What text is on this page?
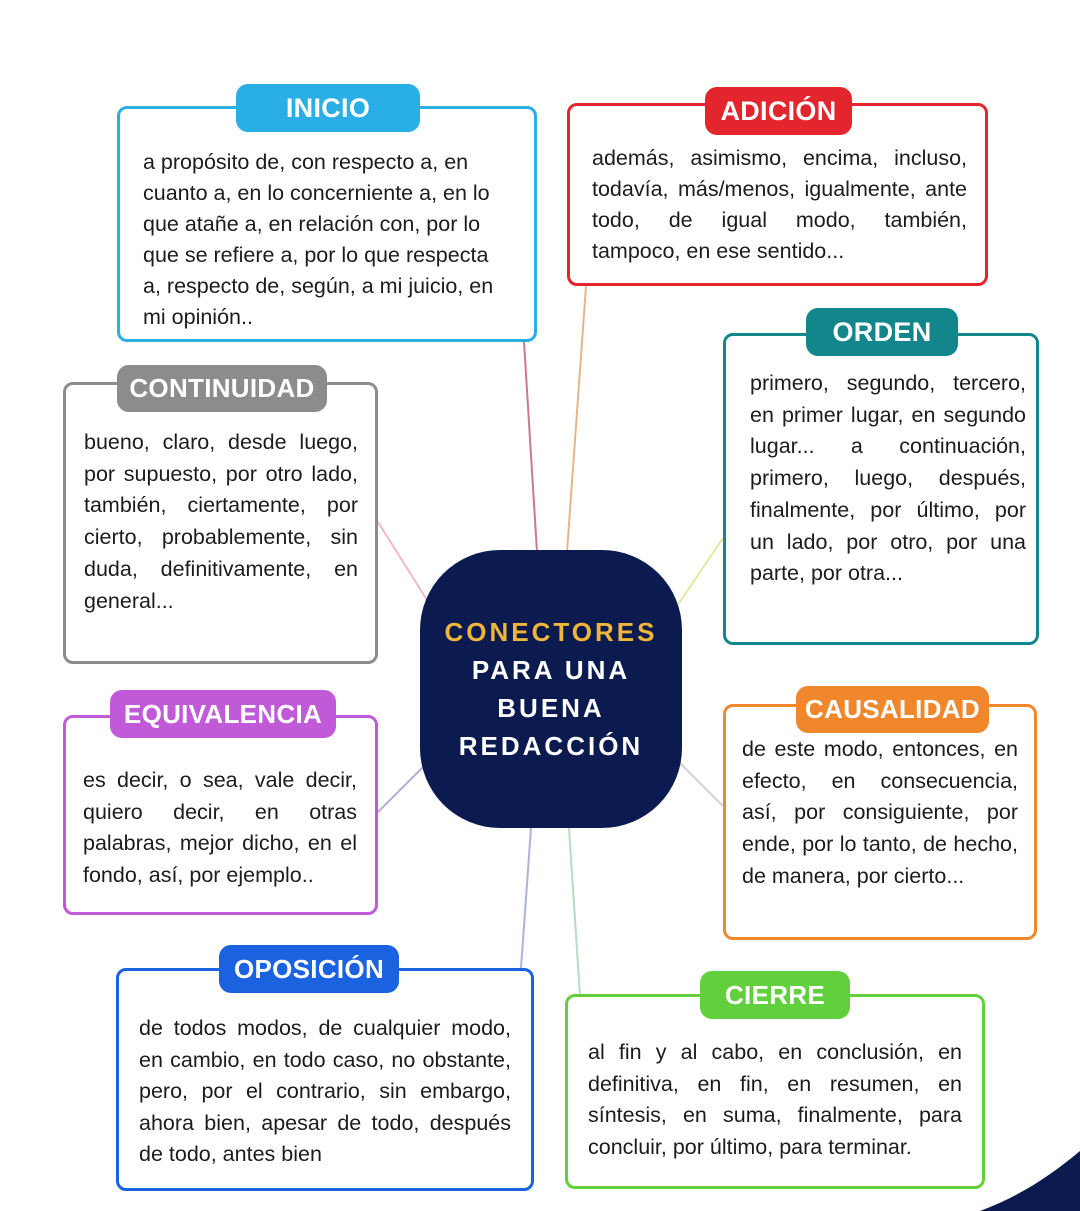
a propósito de, con respecto a, en cuanto a, en lo concerniente a, en lo que atañe a, en relación con, por lo que se refiere a, por lo que respecta a, respecto de, según, a mi juicio, en mi opinión..

INICIO

además, asimismo, encima, incluso, todavía, más/menos, igualmente, ante todo, de igual modo, también, tampoco, en ese sentido...

ADICIÓN

primero, segundo, tercero, en primer lugar, en segundo lugar... a continuación, primero, luego, después, finalmente, por último, por un lado, por otro, por una parte, por otra...

ORDEN

bueno, claro, desde luego, por supuesto, por otro lado, también, ciertamente, por cierto, probablemente, sin duda, definitivamente, en general...

CONTINUIDAD

es decir, o sea, vale decir, quiero decir, en otras palabras, mejor dicho, en el fondo, así, por ejemplo..

EQUIVALENCIA

de este modo, entonces, en efecto, en consecuencia, así, por consiguiente, por ende, por lo tanto, de hecho, de manera, por cierto...

CAUSALIDAD

de todos modos, de cualquier modo, en cambio, en todo caso, no obstante, pero, por el contrario, sin embargo, ahora bien, apesar de todo, después de todo, antes bien

OPOSICIÓN

al fin y al cabo, en conclusión, en definitiva, en fin, en resumen, en síntesis, en suma, finalmente, para concluir, por último, para terminar.

CIERRE
CONECTORES
PARA UNA
BUENA
REDACCIÓN
